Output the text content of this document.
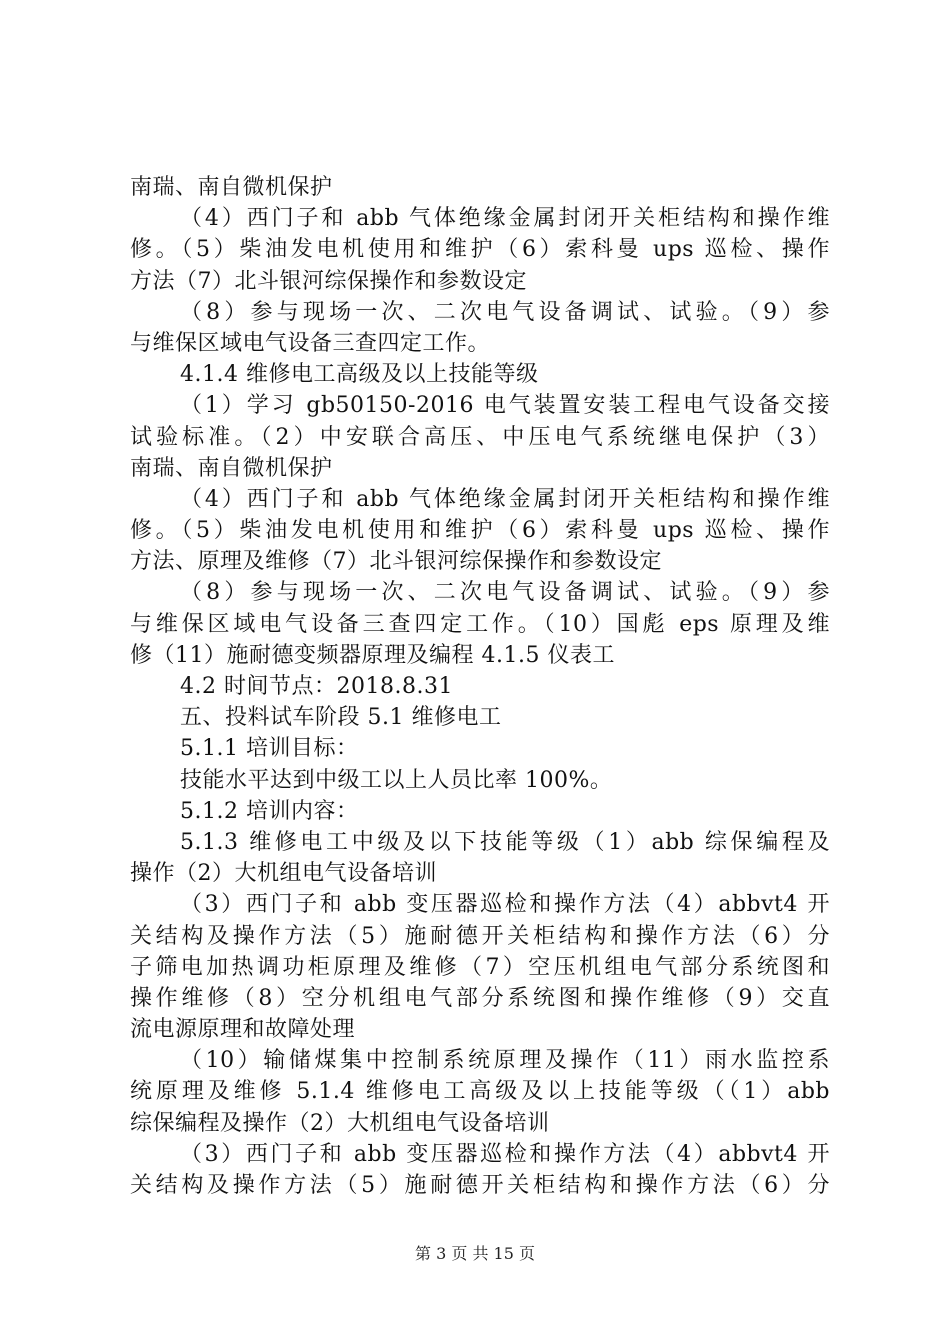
南瑞、南自微机保护
（4）西门子和 abb 气体绝缘金属封闭开关柜结构和操作维
修。（5）柴油发电机使用和维护（6）索科曼 ups 巡检、操作
方法（7）北斗银河综保操作和参数设定
（8）参与现场一次、二次电气设备调试、试验。（9）参
与维保区域电气设备三查四定工作。
4.1.4 维修电工高级及以上技能等级
（1）学习 gb50150-2016 电气装置安装工程电气设备交接
试验标准。（2）中安联合高压、中压电气系统继电保护（3）
南瑞、南自微机保护
（4）西门子和 abb 气体绝缘金属封闭开关柜结构和操作维
修。（5）柴油发电机使用和维护（6）索科曼 ups 巡检、操作
方法、原理及维修（7）北斗银河综保操作和参数设定
（8）参与现场一次、二次电气设备调试、试验。（9）参
与维保区域电气设备三查四定工作。（10）国彪 eps 原理及维
修（11）施耐德变频器原理及编程 4.1.5 仪表工
4.2 时间节点：2018.8.31
五、投料试车阶段 5.1 维修电工
5.1.1 培训目标：
技能水平达到中级工以上人员比率 100%。
5.1.2 培训内容：
5.1.3 维修电工中级及以下技能等级（1）abb 综保编程及
操作（2）大机组电气设备培训
（3）西门子和 abb 变压器巡检和操作方法（4）abbvt4 开
关结构及操作方法（5）施耐德开关柜结构和操作方法（6）分
子筛电加热调功柜原理及维修（7）空压机组电气部分系统图和
操作维修（8）空分机组电气部分系统图和操作维修（9）交直
流电源原理和故障处理
（10）输储煤集中控制系统原理及操作（11）雨水监控系
统原理及维修 5.1.4 维修电工高级及以上技能等级（（1）abb
综保编程及操作（2）大机组电气设备培训
（3）西门子和 abb 变压器巡检和操作方法（4）abbvt4 开
关结构及操作方法（5）施耐德开关柜结构和操作方法（6）分
第 3 页 共 15 页
